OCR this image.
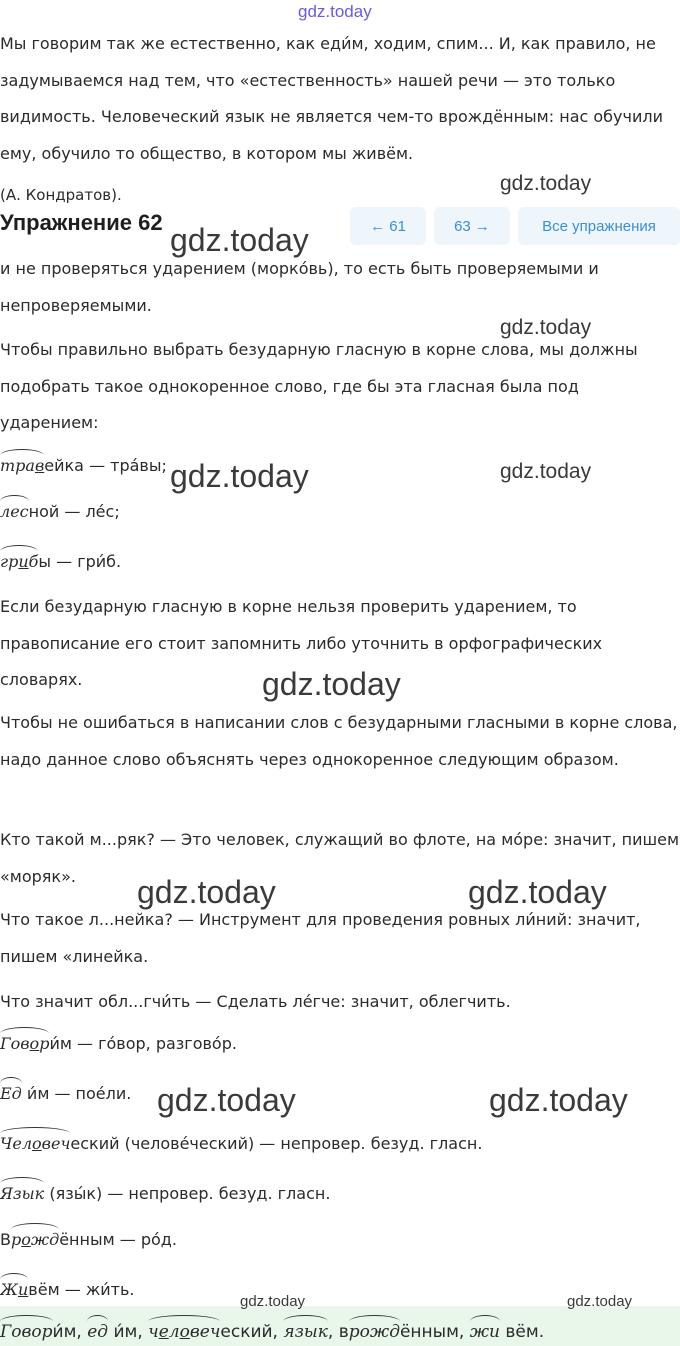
gdz.today

Мы говорим так же естественно, как еди́м, ходим, спим... И, как правило, не задумываемся над тем, что «естественность» нашей речи — это только видимость. Человеческий язык не является чем-то врождённым: нас обучили ему, обучило то общество, в котором мы живём.

(А. Кондратов).	gdz.today
Упражнение 62	← 61	63 →	Все упражнения
gdz.today

и не проверяться ударением (морко́вь), то есть быть проверяемыми и непроверяемыми.

gdz.today

Чтобы правильно выбрать безударную гласную в корне слова, мы должны подобрать такое однокоренное слово, где бы эта гласная была под ударением:

травейка — тра́вы; gdz.today	gdz.today
лесной — ле́с;
грибы — гри́б.

Если безударную гласную в корне нельзя проверить ударением, то правописание его стоит запомнить либо уточнить в орфографических словарях.	gdz.today

Чтобы не ошибаться в написании слов с безударными гласными в корне слова, надо данное слово объяснять через однокоренное следующим образом.

Кто такой м...ряк? — Это человек, служащий во флоте, на мо́ре: значит, пишем «моряк».	gdz.today	gdz.today

Что такое л...нейка? — Инструмент для проведения ровных ли́ний: значит, пишем «линейка.

Что значит обл...гчи́ть — Сделать ле́гче: значит, облегчить.

Говори́м — го́вор, разгово́р.
Ед и́м — пое́ли. gdz.today	gdz.today
Человеческий (челове́ческий) — непровер. безуд. гласн.
Язык (язы́к) — непровер. безуд. гласн.
Врождённым — ро́д.
Живём — жи́ть.
gdz.today	gdz.today
Говори́м, ед и́м, человеческий, язык, врождённым, жи вём.
